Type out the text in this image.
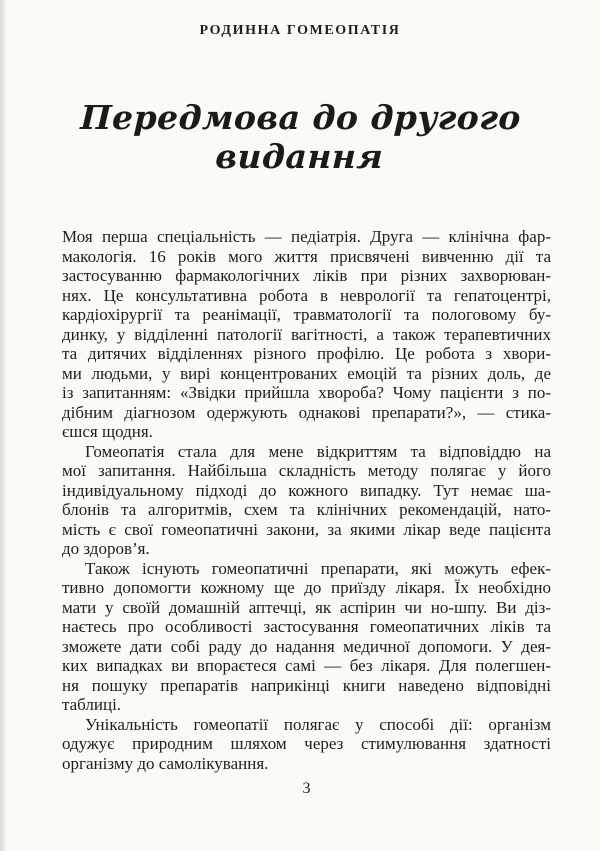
РОДИННА ГОМЕОПАТІЯ
Передмова до другого видання
Моя перша спеціальність — педіатрія. Друга — клінічна фар-
макологія. 16 років мого життя присвячені вивченню дії та
застосуванню фармакологічних ліків при різних захворюван-
нях. Це консультативна робота в неврології та гепатоцентрі,
кардіохірургії та реанімації, травматології та пологовому бу-
динку, у відділенні патології вагітності, а також терапевтичних
та дитячих відділеннях різного профілю. Це робота з хвори-
ми людьми, у вирі концентрованих емоцій та різних доль, де
із запитанням: «Звідки прийшла хвороба? Чому пацієнти з по-
дібним діагнозом одержують однакові препарати?», — стика-
єшся щодня.
Гомеопатія стала для мене відкриттям та відповіддю на
мої запитання. Найбільша складність методу полягає у його
індивідуальному підході до кожного випадку. Тут немає ша-
блонів та алгоритмів, схем та клінічних рекомендацій, нато-
мість є свої гомеопатичні закони, за якими лікар веде пацієнта
до здоров’я.
Також існують гомеопатичні препарати, які можуть ефек-
тивно допомогти кожному ще до приїзду лікаря. Їх необхідно
мати у своїй домашній аптечці, як аспірин чи но-шпу. Ви діз-
наєтесь про особливості застосування гомеопатичних ліків та
зможете дати собі раду до надання медичної допомоги. У дея-
ких випадках ви впораєтеся самі — без лікаря. Для полегшен-
ня пошуку препаратів наприкінці книги наведено відповідні
таблиці.
Унікальність гомеопатії полягає у способі дії: організм
одужує природним шляхом через стимулювання здатності
організму до самолікування.
3
